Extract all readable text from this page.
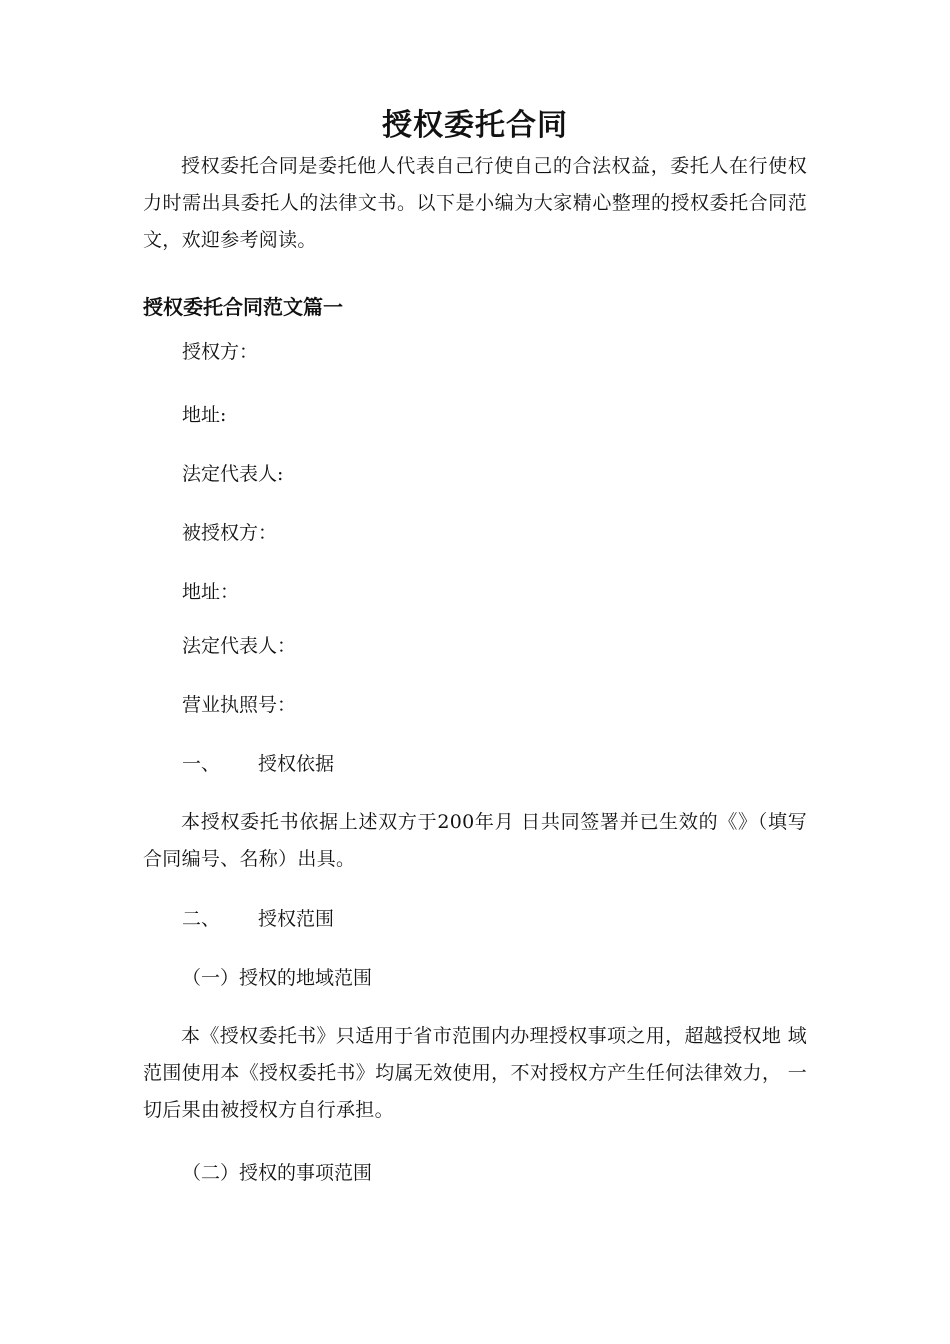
授权委托合同

授权委托合同是委托他人代表自己行使自己的合法权益，委托人在行使权力时需出具委托人的法律文书。以下是小编为大家精心整理的授权委托合同范文，欢迎参考阅读。

授权委托合同范文篇一

授权方：

地址:

法定代表人:

被授权方：

地址：

法定代表人：

营业执照号：

一、 授权依据

本授权委托书依据上述双方于200年月 日共同签署并已生效的《》（填写合同编号、名称）出具。

二、 授权范围

（一）授权的地域范围

本《授权委托书》只适用于省市范围内办理授权事项之用，超越授权地 域范围使用本《授权委托书》均属无效使用，不对授权方产生任何法律效力， 一切后果由被授权方自行承担。

（二）授权的事项范围
